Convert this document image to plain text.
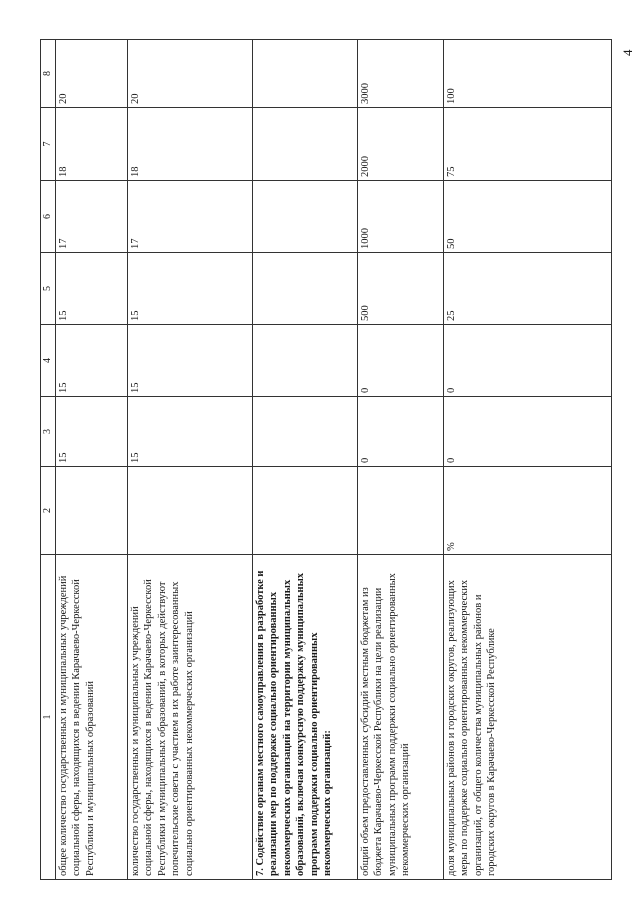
4
1	2	3	4	5	6	7	8
общее количество государственных и муниципальных учреждений социальной сферы, находящихся в ведении Карачаево-Черкесской Республики и муниципальных образований		15	15	15	17	18	20
количество государственных и муниципальных учреждений социальной сферы, находящихся в ведении Карачаево-Черкесской Республики и муниципальных образований, в которых действуют попечительские советы с участием в их работе заинтересованных социально ориентированных некоммерческих организаций		15	15	15	17	18	20
7. Содействие органам местного самоуправления в разработке и реализации мер по поддержке социально ориентированных некоммерческих организаций на территории муниципальных образований, включая конкурсную поддержку муниципальных программ поддержки социально ориентированных некоммерческих организаций:							
общий объем предоставленных субсидий местным бюджетам из бюджета Карачаево-Черкесской Республики на цели реализации муниципальных программ поддержки социально ориентированных некоммерческих организаций		0	0	500	1000	2000	3000
доля муниципальных районов и городских округов, реализующих меры по поддержке социально ориентированных некоммерческих организаций, от общего количества муниципальных районов и городских округов в Карачаево-Черкесской Республике	%	0	0	25	50	75	100
